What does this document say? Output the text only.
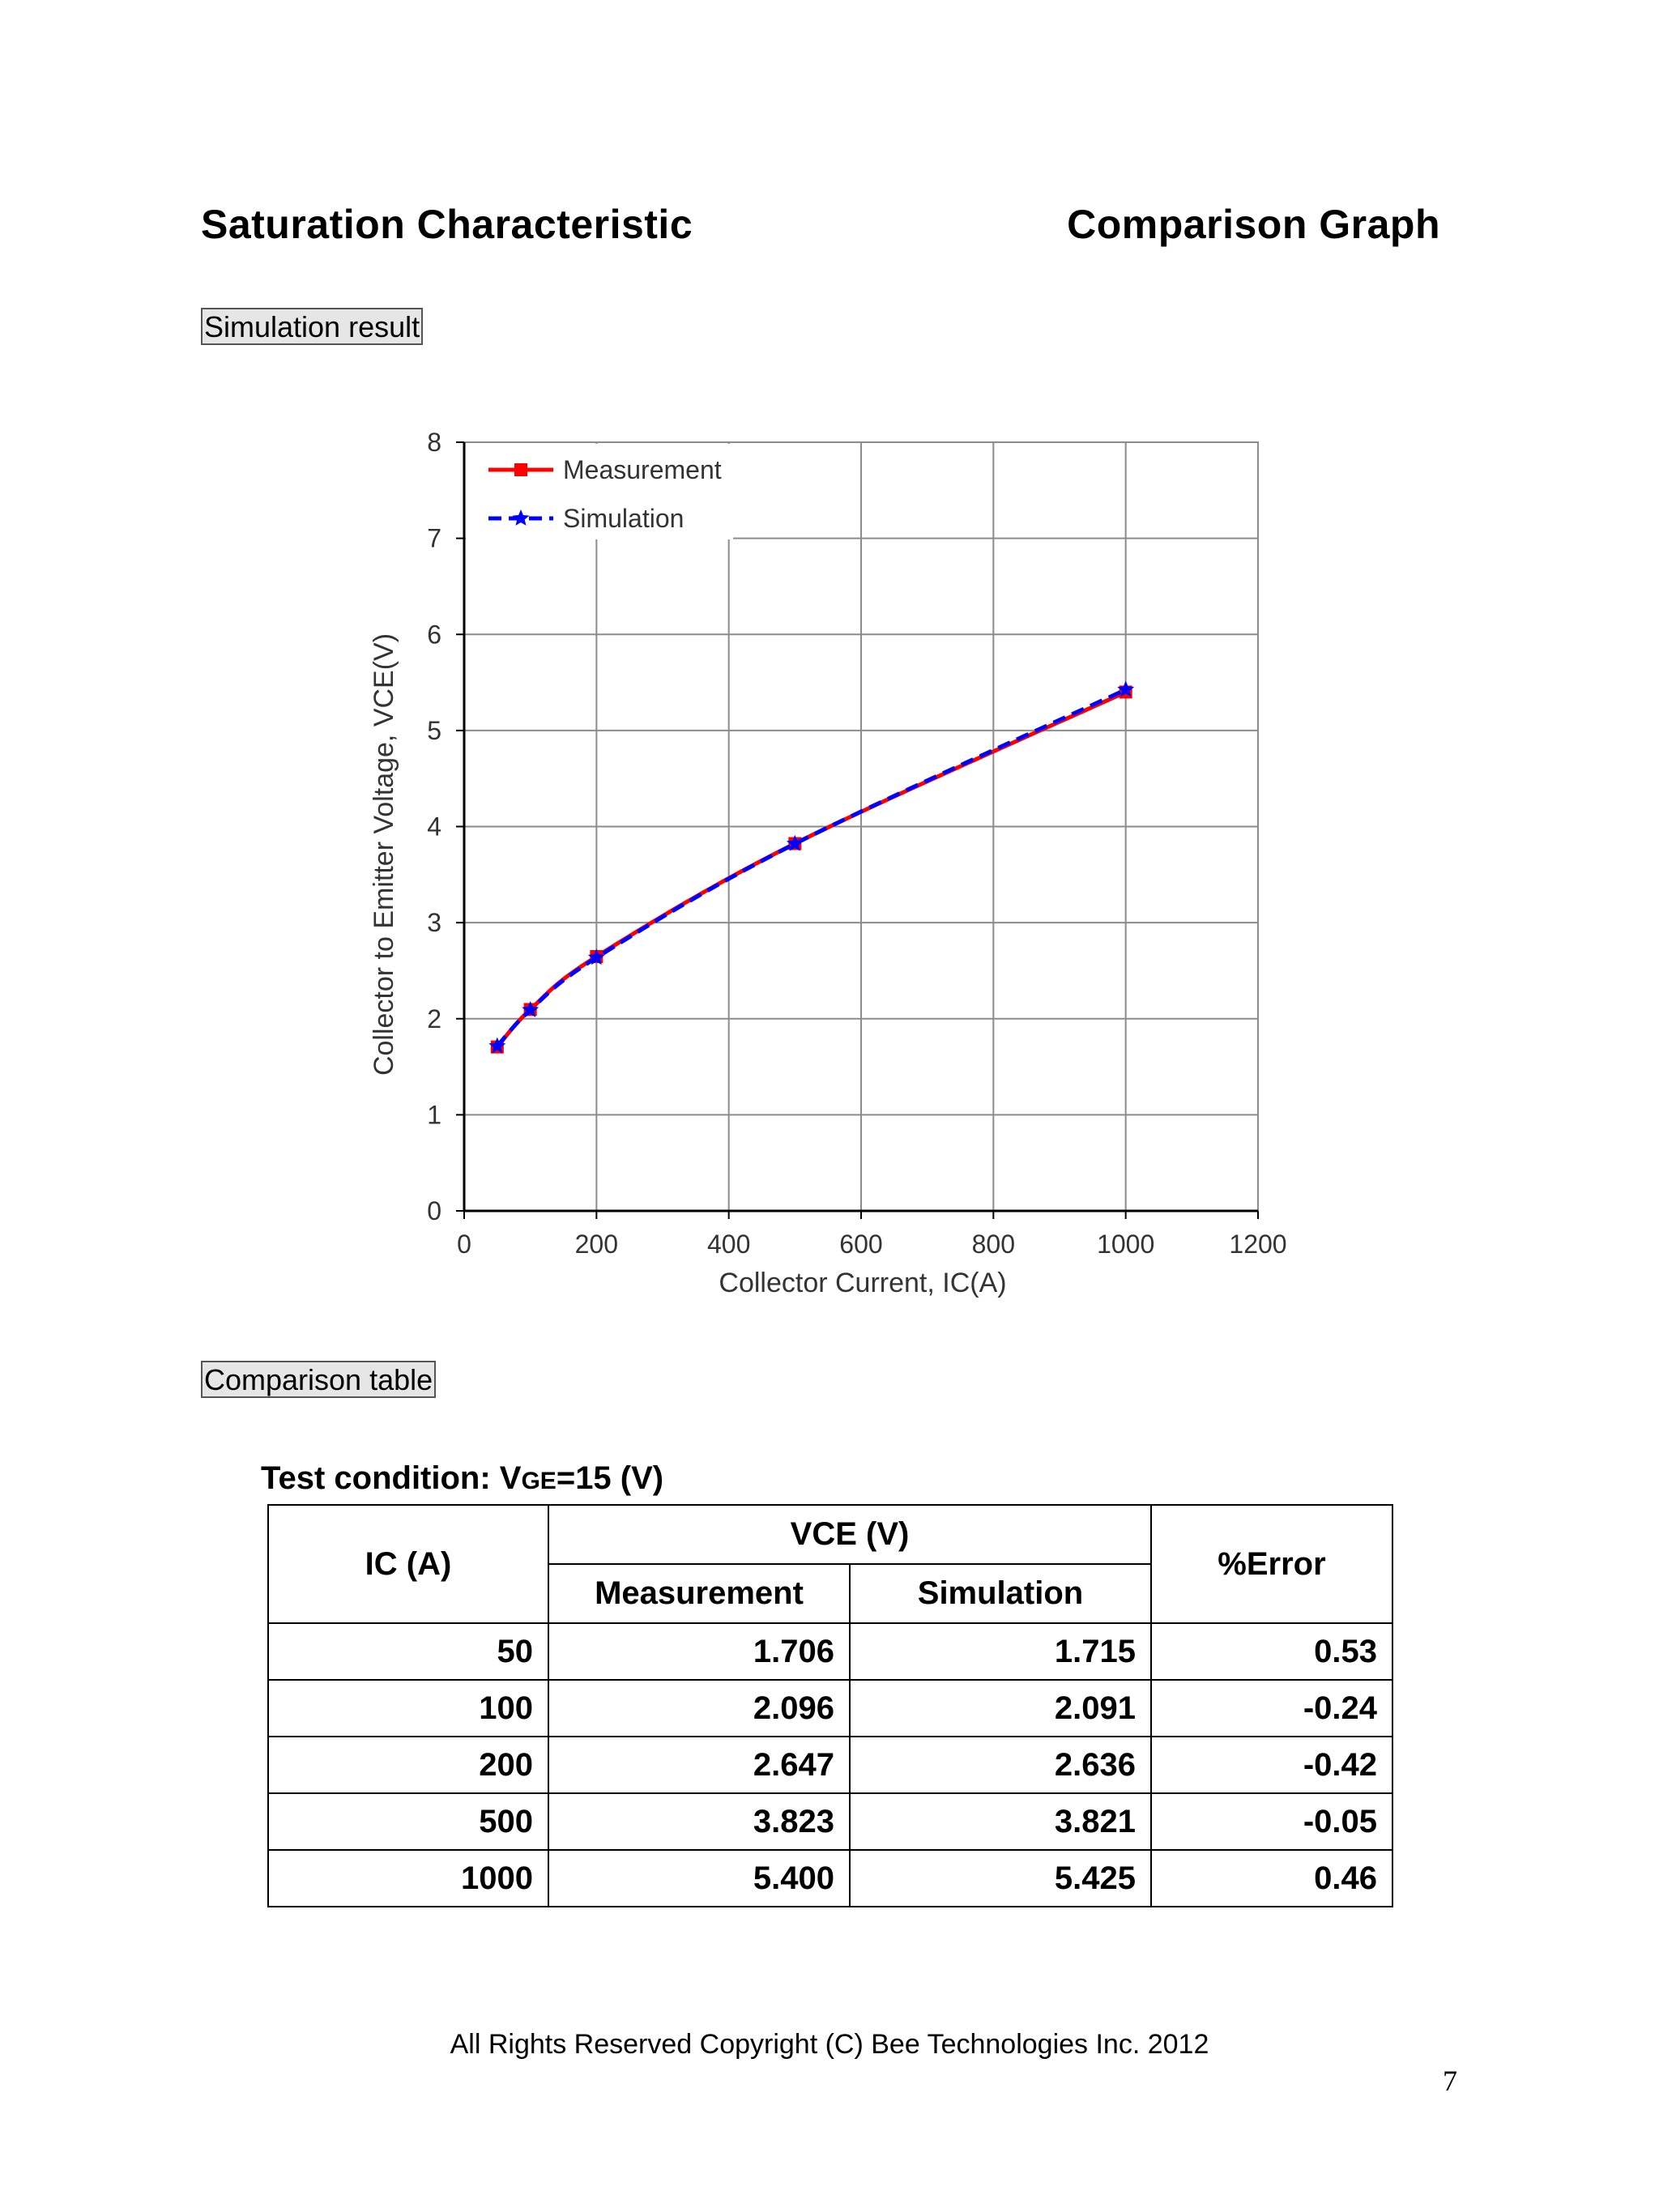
Saturation Characteristic	Comparison Graph
Simulation result
0	200	400	600	800	1000	1200
0
1
2
3
4
5
6
7
8
Measurement
Simulation
Collector Current, IC(A)
Collector to Emitter Voltage, VCE(V)
Comparison table
Test condition: VGE=15 (V)
IC (A)	VCE (V)		%Error
	Measurement	Simulation	
50	1.706	1.715	0.53
100	2.096	2.091	-0.24
200	2.647	2.636	-0.42
500	3.823	3.821	-0.05
1000	5.400	5.425	0.46
All Rights Reserved Copyright (C) Bee Technologies Inc. 2012
7
